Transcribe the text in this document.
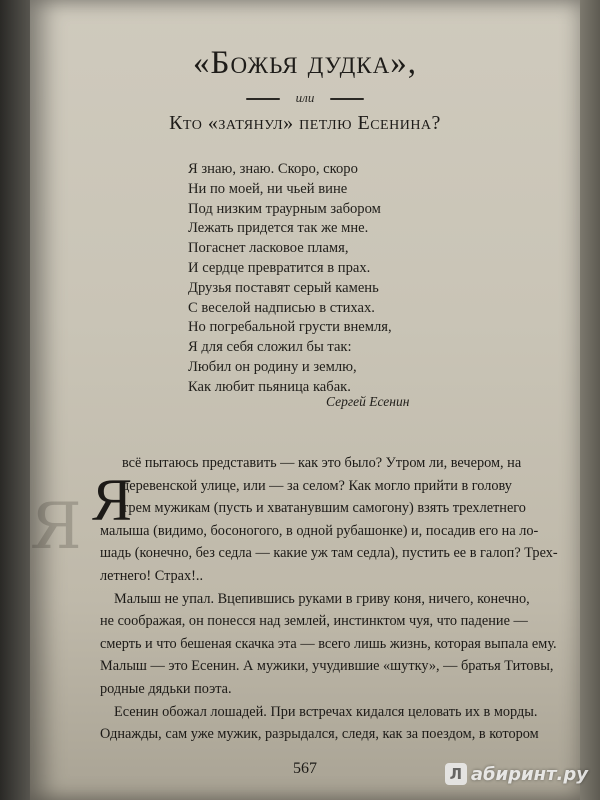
Я
«Божья дудка»,
или
Кто «затянул» петлю Есенина?
Я знаю, знаю. Скоро, скоро
Ни по моей, ни чьей вине
Под низким траурным забором
Лежать придется так же мне.
Погаснет ласковое пламя,
И сердце превратится в прах.
Друзья поставят серый камень
С веселой надписью в стихах.
Но погребальной грусти внемля,
Я для себя сложил бы так:
Любил он родину и землю,
Как любит пьяница кабак.
Сергей Есенин
Я
всё пытаюсь представить — как это было? Утром ли, вечером, на
деревенской улице, или — за селом? Как могло прийти в голову
трем мужикам (пусть и хватанувшим самогону) взять трехлетнего
малыша (видимо, босоногого, в одной рубашонке) и, посадив его на ло-
шадь (конечно, без седла — какие уж там седла), пустить ее в галоп? Трех-
летнего! Страх!..
Малыш не упал. Вцепившись руками в гриву коня, ничего, конечно,
не соображая, он понесся над землей, инстинктом чуя, что падение —
смерть и что бешеная скачка эта — всего лишь жизнь, которая выпала ему.
Малыш — это Есенин. А мужики, учудившие «шутку», — братья Титовы,
родные дядьки поэта.
Есенин обожал лошадей. При встречах кидался целовать их в морды.
Однажды, сам уже мужик, разрыдался, следя, как за поездом, в котором
567	Л абиринт.ру
